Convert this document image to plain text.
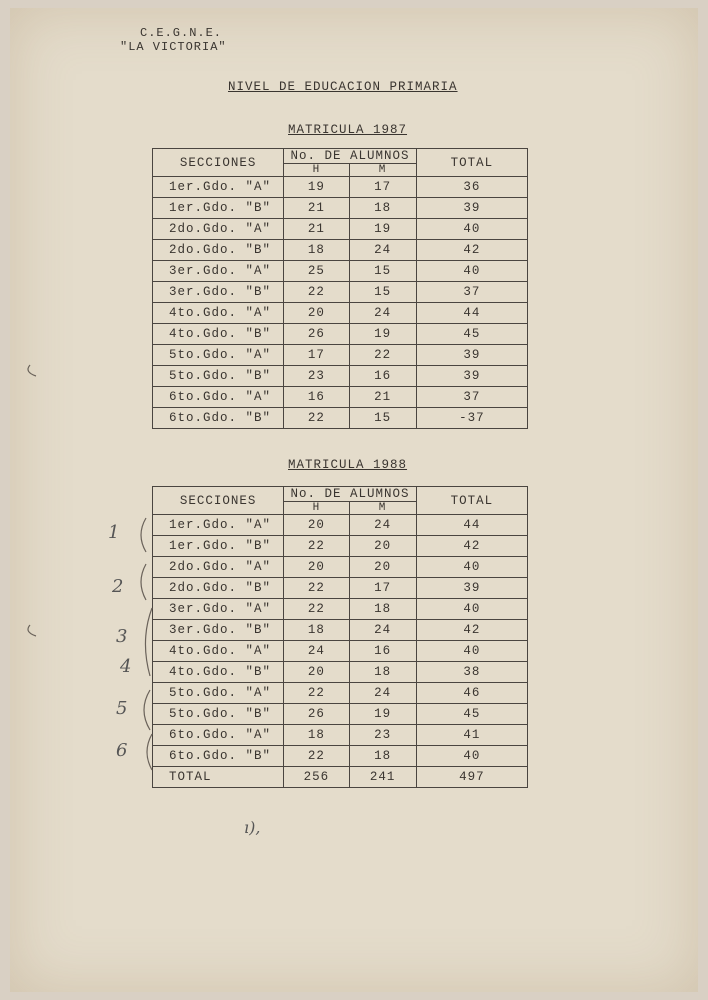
C.E.G.N.E.
"LA VICTORIA"
NIVEL DE EDUCACION PRIMARIA
MATRICULA 1987
SECCIONES	No. DE ALUMNOS		TOTAL
	H	M	
1er.Gdo. "A"	19	17	36
1er.Gdo. "B"	21	18	39
2do.Gdo. "A"	21	19	40
2do.Gdo. "B"	18	24	42
3er.Gdo. "A"	25	15	40
3er.Gdo. "B"	22	15	37
4to.Gdo. "A"	20	24	44
4to.Gdo. "B"	26	19	45
5to.Gdo. "A"	17	22	39
5to.Gdo. "B"	23	16	39
6to.Gdo. "A"	16	21	37
6to.Gdo. "B"	22	15	-37
MATRICULA 1988
SECCIONES	No. DE ALUMNOS		TOTAL
	H	M	
1er.Gdo. "A"	20	24	44
1er.Gdo. "B"	22	20	42
2do.Gdo. "A"	20	20	40
2do.Gdo. "B"	22	17	39
3er.Gdo. "A"	22	18	40
3er.Gdo. "B"	18	24	42
4to.Gdo. "A"	24	16	40
4to.Gdo. "B"	20	18	38
5to.Gdo. "A"	22	24	46
5to.Gdo. "B"	26	19	45
6to.Gdo. "A"	18	23	41
6to.Gdo. "B"	22	18	40
TOTAL	256	241	497
1
2
3
4
5
6
ı),
